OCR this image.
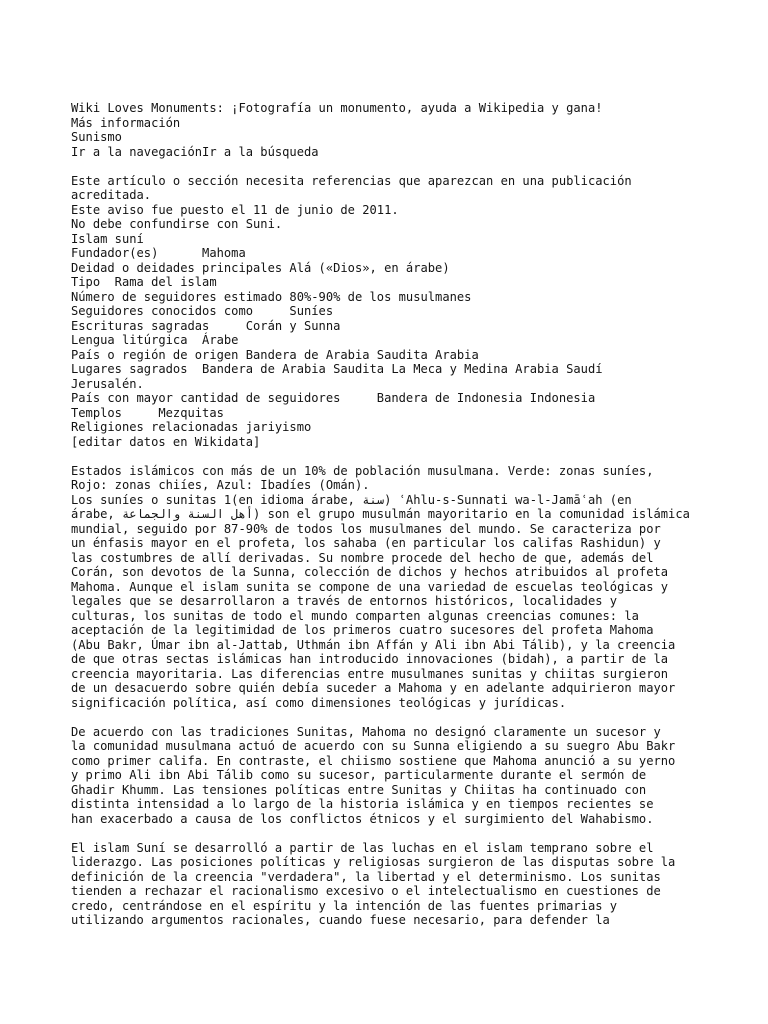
Wiki Loves Monuments: ¡Fotografía un monumento, ayuda a Wikipedia y gana!
Más información
Sunismo
Ir a la navegaciónIr a la búsqueda
Este artículo o sección necesita referencias que aparezcan en una publicación
acreditada.
Este aviso fue puesto el 11 de junio de 2011.
No debe confundirse con Suni.
Islam suní
Fundador(es)      Mahoma
Deidad o deidades principales Alá («Dios», en árabe)
Tipo  Rama del islam
Número de seguidores estimado 80%-90% de los musulmanes
Seguidores conocidos como     Suníes
Escrituras sagradas     Corán y Sunna
Lengua litúrgica  Árabe
País o región de origen Bandera de Arabia Saudita Arabia
Lugares sagrados  Bandera de Arabia Saudita La Meca y Medina Arabia Saudí
Jerusalén.
País con mayor cantidad de seguidores     Bandera de Indonesia Indonesia
Templos     Mezquitas
Religiones relacionadas jariyismo
[editar datos en Wikidata]
Estados islámicos con más de un 10% de población musulmana. Verde: zonas suníes,
Rojo: zonas chiíes, Azul: Ibadíes (Omán).
Los suníes o sunitas 1(en idioma árabe, سنة) ʿAhlu-s-Sunnati wa-l-Jamāʿah (en
árabe, أهل السنة والجماعة) son el grupo musulmán mayoritario en la comunidad islámica
mundial, seguido por 87-90% de todos los musulmanes del mundo. Se caracteriza por
un énfasis mayor en el profeta, los sahaba (en particular los califas Rashidun) y
las costumbres de allí derivadas. Su nombre procede del hecho de que, además del
Corán, son devotos de la Sunna, colección de dichos y hechos atribuidos al profeta
Mahoma. Aunque el islam sunita se compone de una variedad de escuelas teológicas y
legales que se desarrollaron a través de entornos históricos, localidades y
culturas, los sunitas de todo el mundo comparten algunas creencias comunes: la
aceptación de la legitimidad de los primeros cuatro sucesores del profeta Mahoma
(Abu Bakr, Úmar ibn al-Jattab, Uthmán ibn Affán y Ali ibn Abi Tálib), y la creencia
de que otras sectas islámicas han introducido innovaciones (bidah), a partir de la
creencia mayoritaria. Las diferencias entre musulmanes sunitas y chiitas surgieron
de un desacuerdo sobre quién debía suceder a Mahoma y en adelante adquirieron mayor
significación política, así como dimensiones teológicas y jurídicas.
De acuerdo con las tradiciones Sunitas, Mahoma no designó claramente un sucesor y
la comunidad musulmana actuó de acuerdo con su Sunna eligiendo a su suegro Abu Bakr
como primer califa. En contraste, el chiismo sostiene que Mahoma anunció a su yerno
y primo Ali ibn Abi Tálib como su sucesor, particularmente durante el sermón de
Ghadir Khumm. Las tensiones políticas entre Sunitas y Chiitas ha continuado con
distinta intensidad a lo largo de la historia islámica y en tiempos recientes se
han exacerbado a causa de los conflictos étnicos y el surgimiento del Wahabismo.
El islam Suní se desarrolló a partir de las luchas en el islam temprano sobre el
liderazgo. Las posiciones políticas y religiosas surgieron de las disputas sobre la
definición de la creencia "verdadera", la libertad y el determinismo. Los sunitas
tienden a rechazar el racionalismo excesivo o el intelectualismo en cuestiones de
credo, centrándose en el espíritu y la intención de las fuentes primarias y
utilizando argumentos racionales, cuando fuese necesario, para defender la
